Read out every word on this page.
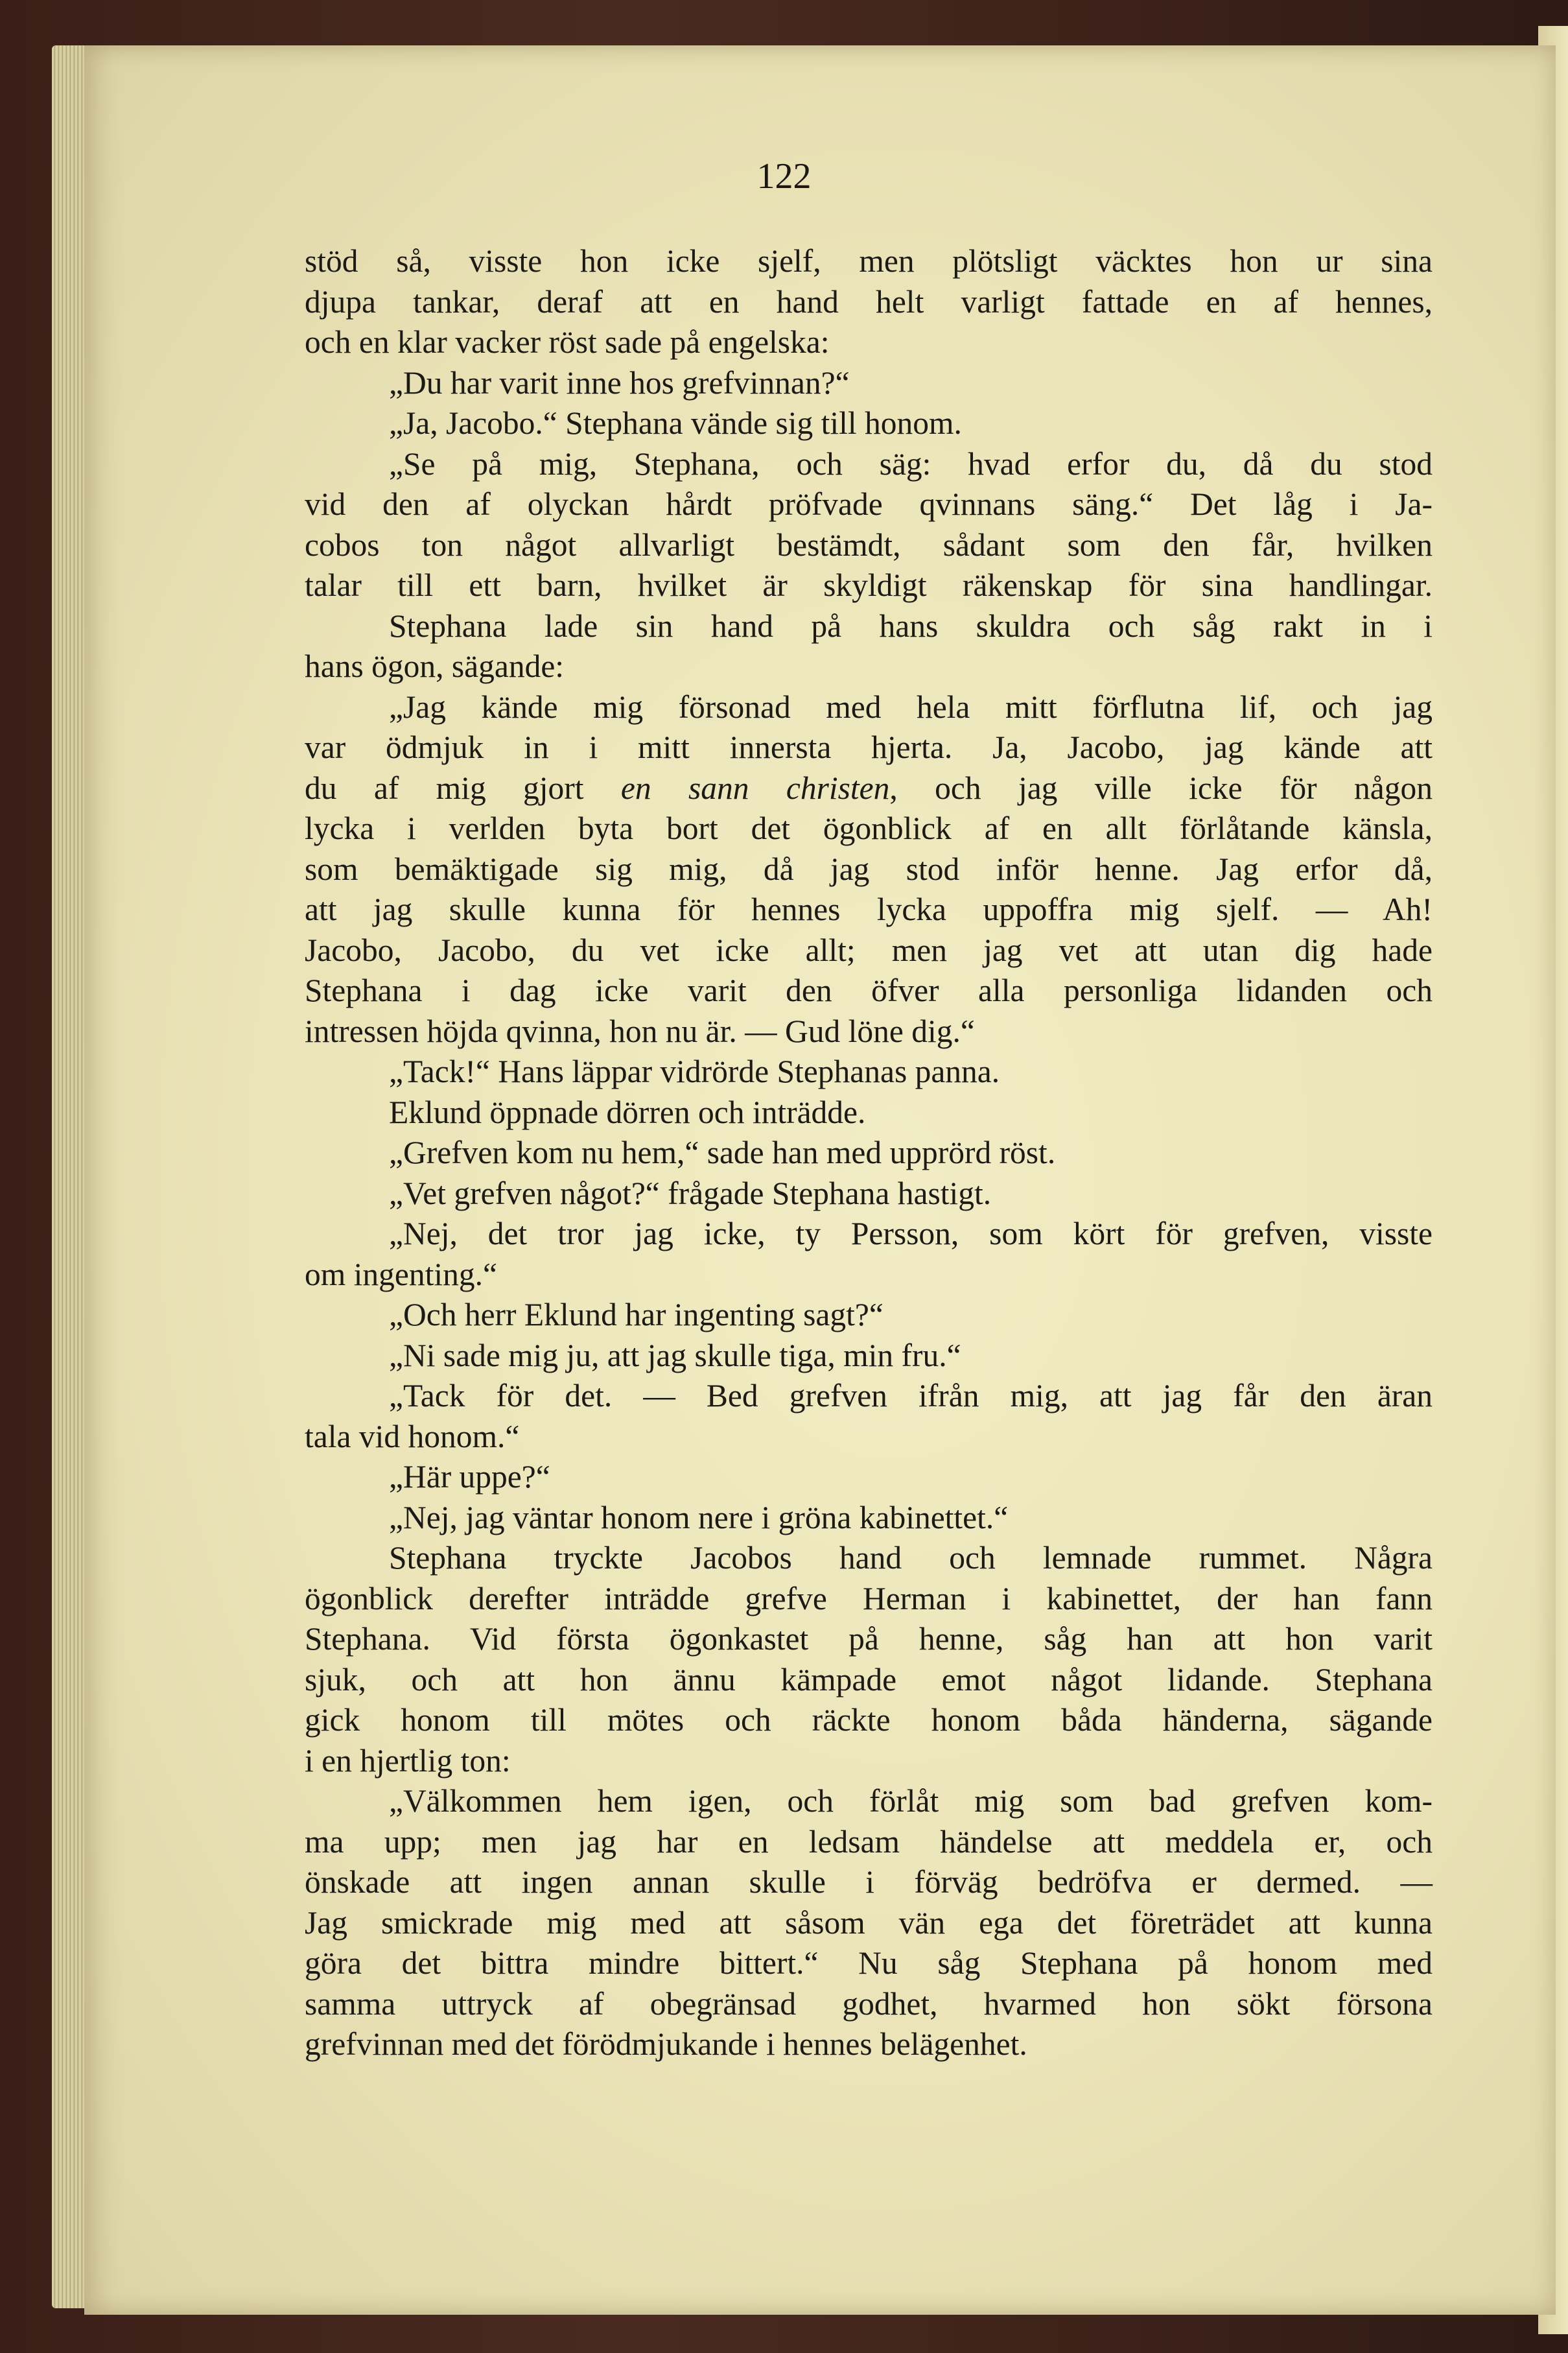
122
stöd så, visste hon icke sjelf, men plötsligt väcktes hon ur sina
djupa tankar, deraf att en hand helt varligt fattade en af hennes,
och en klar vacker röst sade på engelska:
„Du har varit inne hos grefvinnan?“
„Ja, Jacobo.“ Stephana vände sig till honom.
„Se på mig, Stephana, och säg: hvad erfor du, då du stod
vid den af olyckan hårdt pröfvade qvinnans säng.“ Det låg i Ja-
cobos ton något allvarligt bestämdt, sådant som den får, hvilken
talar till ett barn, hvilket är skyldigt räkenskap för sina handlingar.
Stephana lade sin hand på hans skuldra och såg rakt in i
hans ögon, sägande:
„Jag kände mig försonad med hela mitt förflutna lif, och jag
var ödmjuk in i mitt innersta hjerta. Ja, Jacobo, jag kände att
du af mig gjort en sann christen, och jag ville icke för någon
lycka i verlden byta bort det ögonblick af en allt förlåtande känsla,
som bemäktigade sig mig, då jag stod inför henne. Jag erfor då,
att jag skulle kunna för hennes lycka uppoffra mig sjelf. — Ah!
Jacobo, Jacobo, du vet icke allt; men jag vet att utan dig hade
Stephana i dag icke varit den öfver alla personliga lidanden och
intressen höjda qvinna, hon nu är. — Gud löne dig.“
„Tack!“ Hans läppar vidrörde Stephanas panna.
Eklund öppnade dörren och inträdde.
„Grefven kom nu hem,“ sade han med upprörd röst.
„Vet grefven något?“ frågade Stephana hastigt.
„Nej, det tror jag icke, ty Persson, som kört för grefven, visste
om ingenting.“
„Och herr Eklund har ingenting sagt?“
„Ni sade mig ju, att jag skulle tiga, min fru.“
„Tack för det. — Bed grefven ifrån mig, att jag får den äran
tala vid honom.“
„Här uppe?“
„Nej, jag väntar honom nere i gröna kabinettet.“
Stephana tryckte Jacobos hand och lemnade rummet. Några
ögonblick derefter inträdde grefve Herman i kabinettet, der han fann
Stephana. Vid första ögonkastet på henne, såg han att hon varit
sjuk, och att hon ännu kämpade emot något lidande. Stephana
gick honom till mötes och räckte honom båda händerna, sägande
i en hjertlig ton:
„Välkommen hem igen, och förlåt mig som bad grefven kom-
ma upp; men jag har en ledsam händelse att meddela er, och
önskade att ingen annan skulle i förväg bedröfva er dermed. —
Jag smickrade mig med att såsom vän ega det företrädet att kunna
göra det bittra mindre bittert.“ Nu såg Stephana på honom med
samma uttryck af obegränsad godhet, hvarmed hon sökt försona
grefvinnan med det förödmjukande i hennes belägenhet.
